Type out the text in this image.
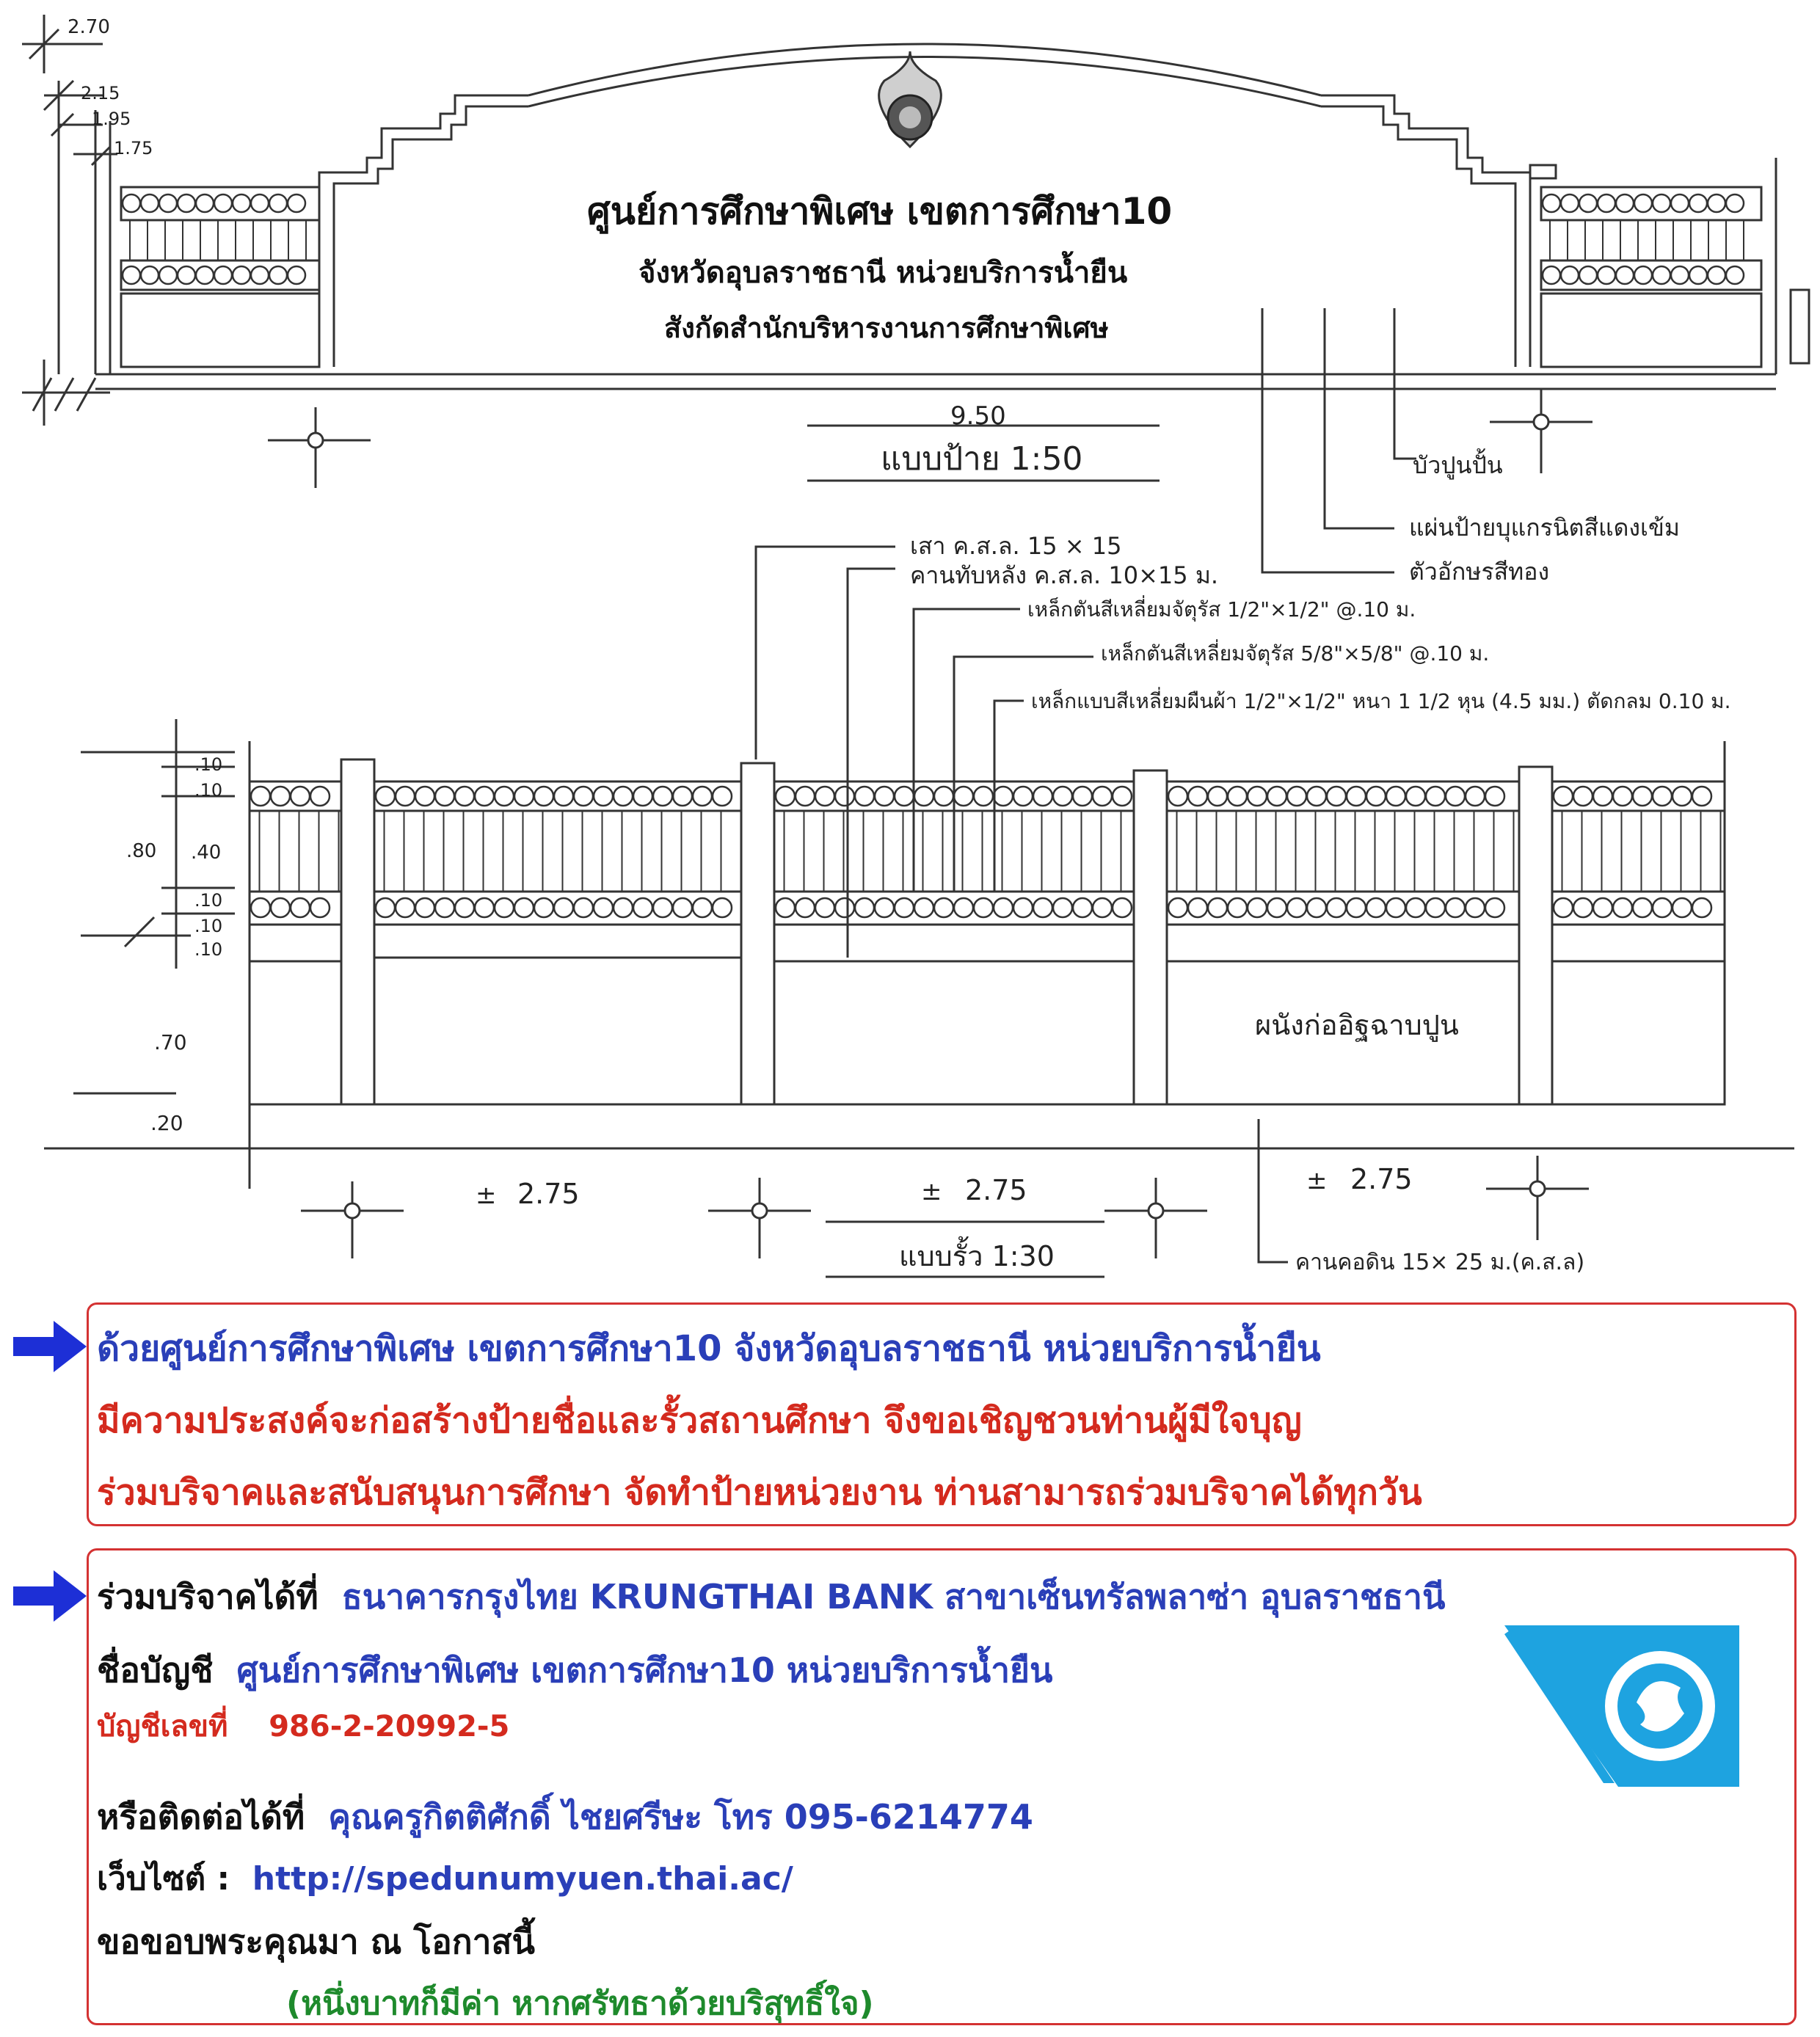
ศูนย์การศึกษาพิเศษ เขตการศึกษา10
จังหวัดอุบลราชธานี หน่วยบริการน้ำยืน
สังกัดสำนักบริหารงานการศึกษาพิเศษ
2.70
2.15
1.95
1.75
9.50
แบบป้าย 1:50	บัวปูนปั้น
แผ่นป้ายบุแกรนิตสีแดงเข้ม
ตัวอักษรสีทอง
เสา ค.ส.ล. 15 × 15
คานทับหลัง ค.ส.ล. 10×15 ม.
เหล็กตันสีเหลี่ยมจัตุรัส 1/2"×1/2" @.10 ม.
เหล็กตันสีเหลี่ยมจัตุรัส 5/8"×5/8" @.10 ม.
เหล็กแบบสีเหลี่ยมผืนผ้า 1/2"×1/2" หนา 1 1/2 หุน (4.5 มม.) ตัดกลม 0.10 ม.
ผนังก่ออิฐฉาบปูน
คานคอดิน 15× 25 ม.(ค.ส.ล)
.10
.10
.80 .40
.10
.10
.10
.70
.20
± 2.75	± 2.75	± 2.75
แบบรั้ว 1:30
ด้วยศูนย์การศึกษาพิเศษ เขตการศึกษา10 จังหวัดอุบลราชธานี หน่วยบริการน้ำยืน
มีความประสงค์จะก่อสร้างป้ายชื่อและรั้วสถานศึกษา จึงขอเชิญชวนท่านผู้มีใจบุญ
ร่วมบริจาคและสนับสนุนการศึกษา จัดทำป้ายหน่วยงาน ท่านสามารถร่วมบริจาคได้ทุกวัน
ร่วมบริจาคได้ที่ ธนาคารกรุงไทย KRUNGTHAI BANK สาขาเซ็นทรัลพลาซ่า อุบลราชธานี
ชื่อบัญชี ศูนย์การศึกษาพิเศษ เขตการศึกษา10 หน่วยบริการน้ำยืน
บัญชีเลขที่ 986-2-20992-5
หรือติดต่อได้ที่ คุณครูกิตติศักดิ์ ไชยศรีษะ โทร 095-6214774
เว็บไซต์ : http://spedunumyuen.thai.ac/
ขอขอบพระคุณมา ณ โอกาสนี้
(หนึ่งบาทก็มีค่า หากศรัทธาด้วยบริสุทธิ์ใจ)
